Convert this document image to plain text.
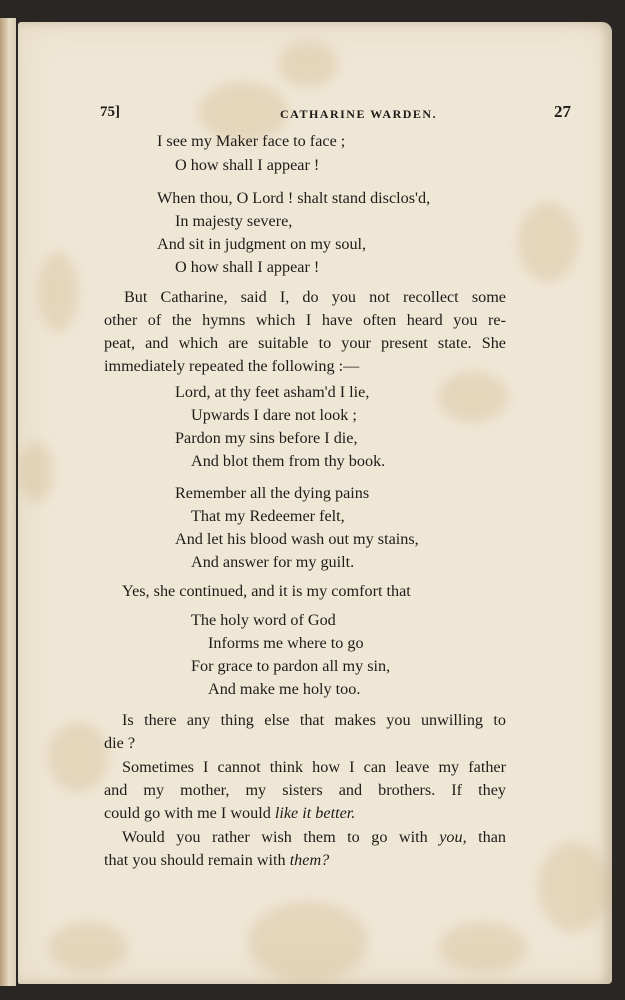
75]	CATHARINE WARDEN.	27
I see my Maker face to face ;
O how shall I appear !
When thou, O Lord ! shalt stand disclos'd,
In majesty severe,
And sit in judgment on my soul,
O how shall I appear !
But Catharine, said I, do you not recollect some
other of the hymns which I have often heard you re-
peat, and which are suitable to your present state. She
immediately repeated the following :—
Lord, at thy feet asham'd I lie,
Upwards I dare not look ;
Pardon my sins before I die,
And blot them from thy book.
Remember all the dying pains
That my Redeemer felt,
And let his blood wash out my stains,
And answer for my guilt.
Yes, she continued, and it is my comfort that
The holy word of God
Informs me where to go
For grace to pardon all my sin,
And make me holy too.
Is there any thing else that makes you unwilling to
die ?
Sometimes I cannot think how I can leave my father
and my mother, my sisters and brothers. If they
could go with me I would like it better.
Would you rather wish them to go with you, than
that you should remain with them?
